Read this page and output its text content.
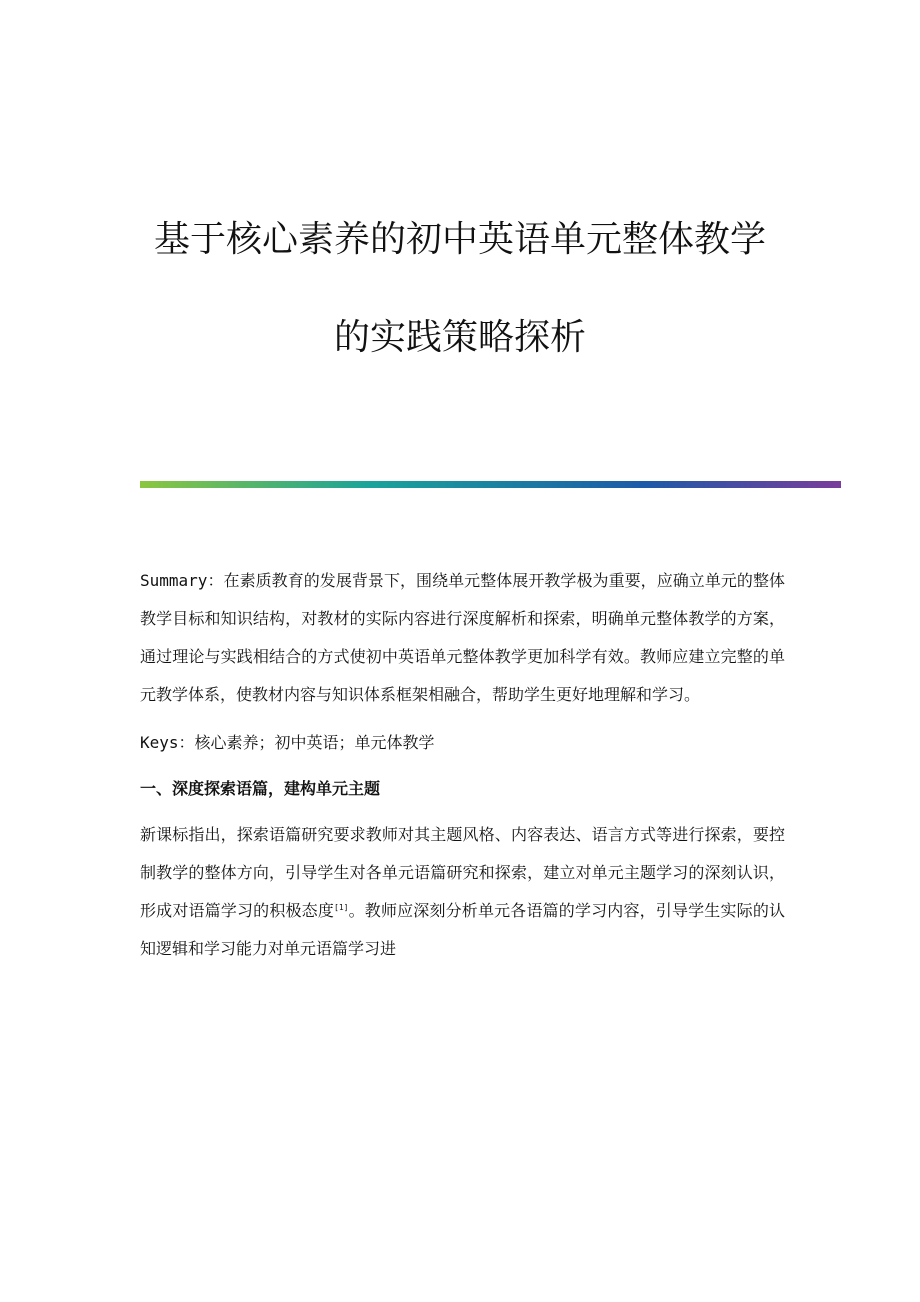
基于核心素养的初中英语单元整体教学
的实践策略探析

Summary：在素质教育的发展背景下，围绕单元整体展开教学极为重要，应确立单元的整体教学目标和知识结构，对教材的实际内容进行深度解析和探索，明确单元整体教学的方案，通过理论与实践相结合的方式使初中英语单元整体教学更加科学有效。教师应建立完整的单元教学体系，使教材内容与知识体系框架相融合，帮助学生更好地理解和学习。

Keys：核心素养；初中英语；单元体教学

一、深度探索语篇，建构单元主题

新课标指出，探索语篇研究要求教师对其主题风格、内容表达、语言方式等进行探索，要控制教学的整体方向，引导学生对各单元语篇研究和探索，建立对单元主题学习的深刻认识，形成对语篇学习的积极态度[1]。教师应深刻分析单元各语篇的学习内容，引导学生实际的认知逻辑和学习能力对单元语篇学习进
